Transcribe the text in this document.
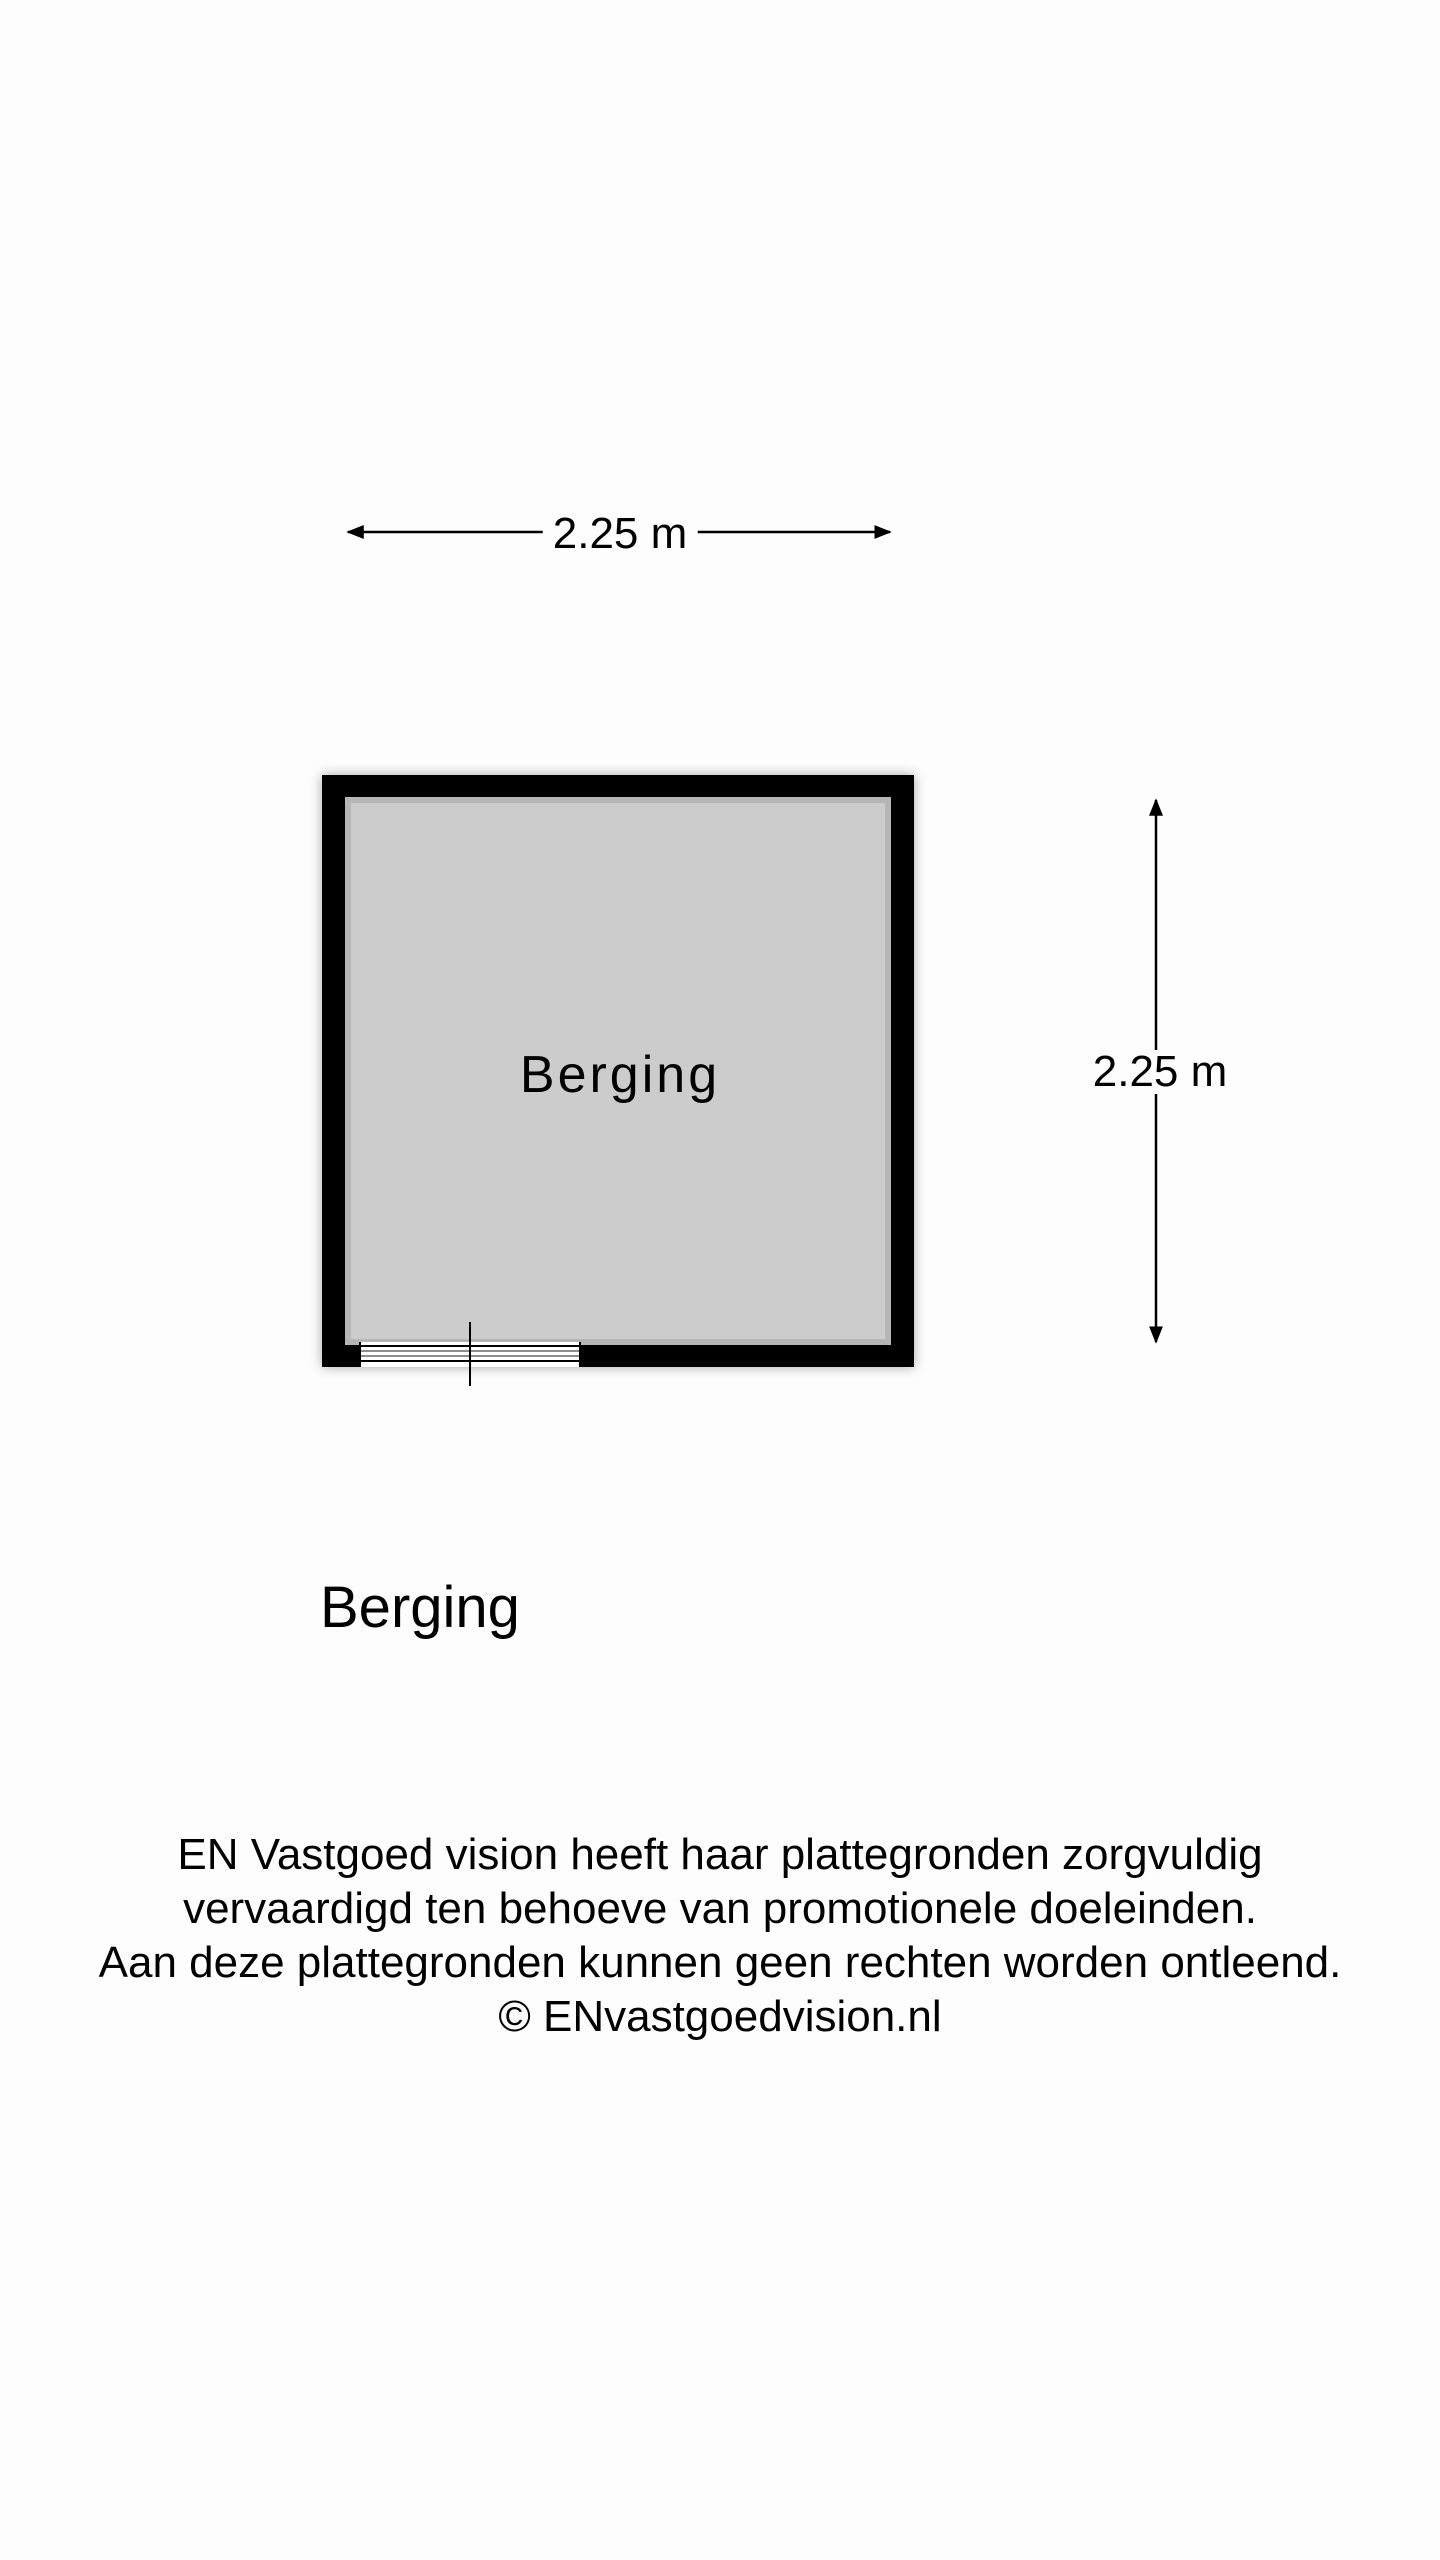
2.25 m
2.25 m
Berging
Berging
EN Vastgoed vision heeft haar plattegronden zorgvuldig
vervaardigd ten behoeve van promotionele doeleinden.
Aan deze plattegronden kunnen geen rechten worden ontleend.
© ENvastgoedvision.nl
